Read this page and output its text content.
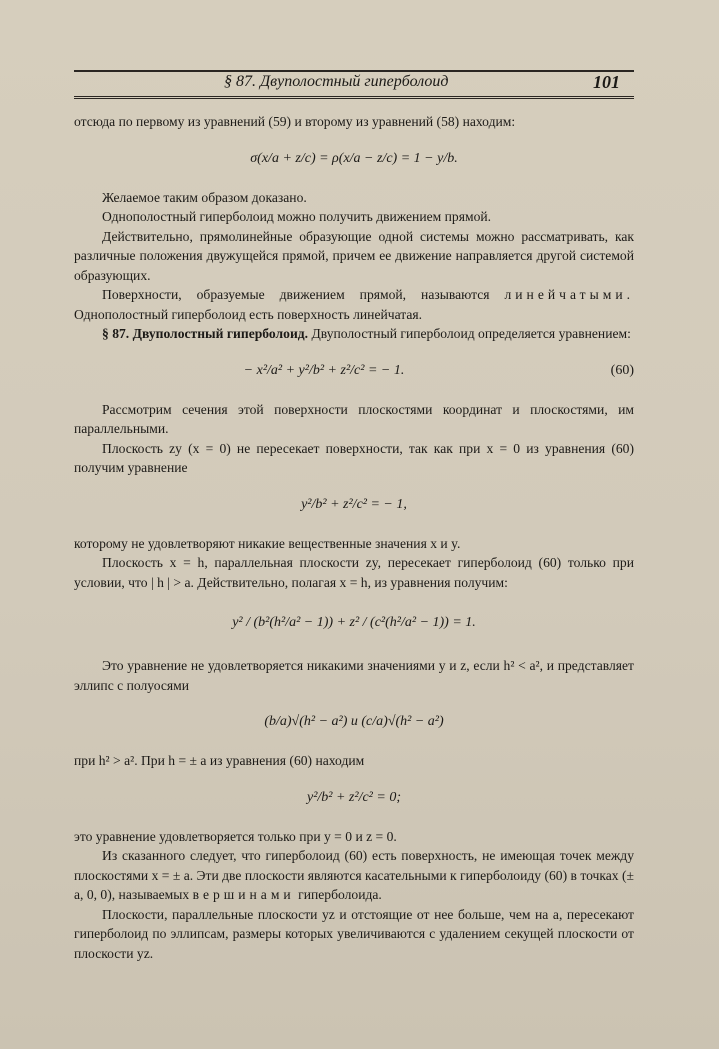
§ 87. Двуполостный гиперболоид	101

отсюда по первому из уравнений (59) и второму из уравнений (58) находим:

σ(x/a + z/c) = ρ(x/a − z/c) = 1 − y/b.

Желаемое таким образом доказано.

Однополостный гиперболоид можно получить движением прямой.

Действительно, прямолинейные образующие одной системы можно рассматривать, как различные положения двужущейся прямой, причем ее движение направляется другой системой образующих.

Поверхности, образуемые движением прямой, называются линейчатыми. Однополостный гиперболоид есть поверхность линейчатая.

§ 87. Двуполостный гиперболоид. Двуполостный гиперболоид определяется уравнением:

− x²/a² + y²/b² + z²/c² = − 1.	(60)

Рассмотрим сечения этой поверхности плоскостями координат и плоскостями, им параллельными.

Плоскость zy (x = 0) не пересекает поверхности, так как при x = 0 из уравнения (60) получим уравнение

y²/b² + z²/c² = − 1,

которому не удовлетворяют никакие вещественные значения x и y.

Плоскость x = h, параллельная плоскости zy, пересекает гиперболоид (60) только при условии, что | h | > a. Действительно, полагая x = h, из уравнения получим:

y² / (b²(h²/a² − 1)) + z² / (c²(h²/a² − 1)) = 1.

Это уравнение не удовлетворяется никакими значениями y и z, если h² < a², и представляет эллипс с полуосями

(b/a)√(h² − a²) и (c/a)√(h² − a²)

при h² > a². При h = ± a из уравнения (60) находим

y²/b² + z²/c² = 0;

это уравнение удовлетворяется только при y = 0 и z = 0.

Из сказанного следует, что гиперболоид (60) есть поверхность, не имеющая точек между плоскостями x = ± a. Эти две плоскости являются касательными к гиперболоиду (60) в точках (± a, 0, 0), называемых вершинами гиперболоида.

Плоскости, параллельные плоскости yz и отстоящие от нее больше, чем на a, пересекают гиперболоид по эллипсам, размеры которых увеличиваются с удалением секущей плоскости от плоскости yz.
